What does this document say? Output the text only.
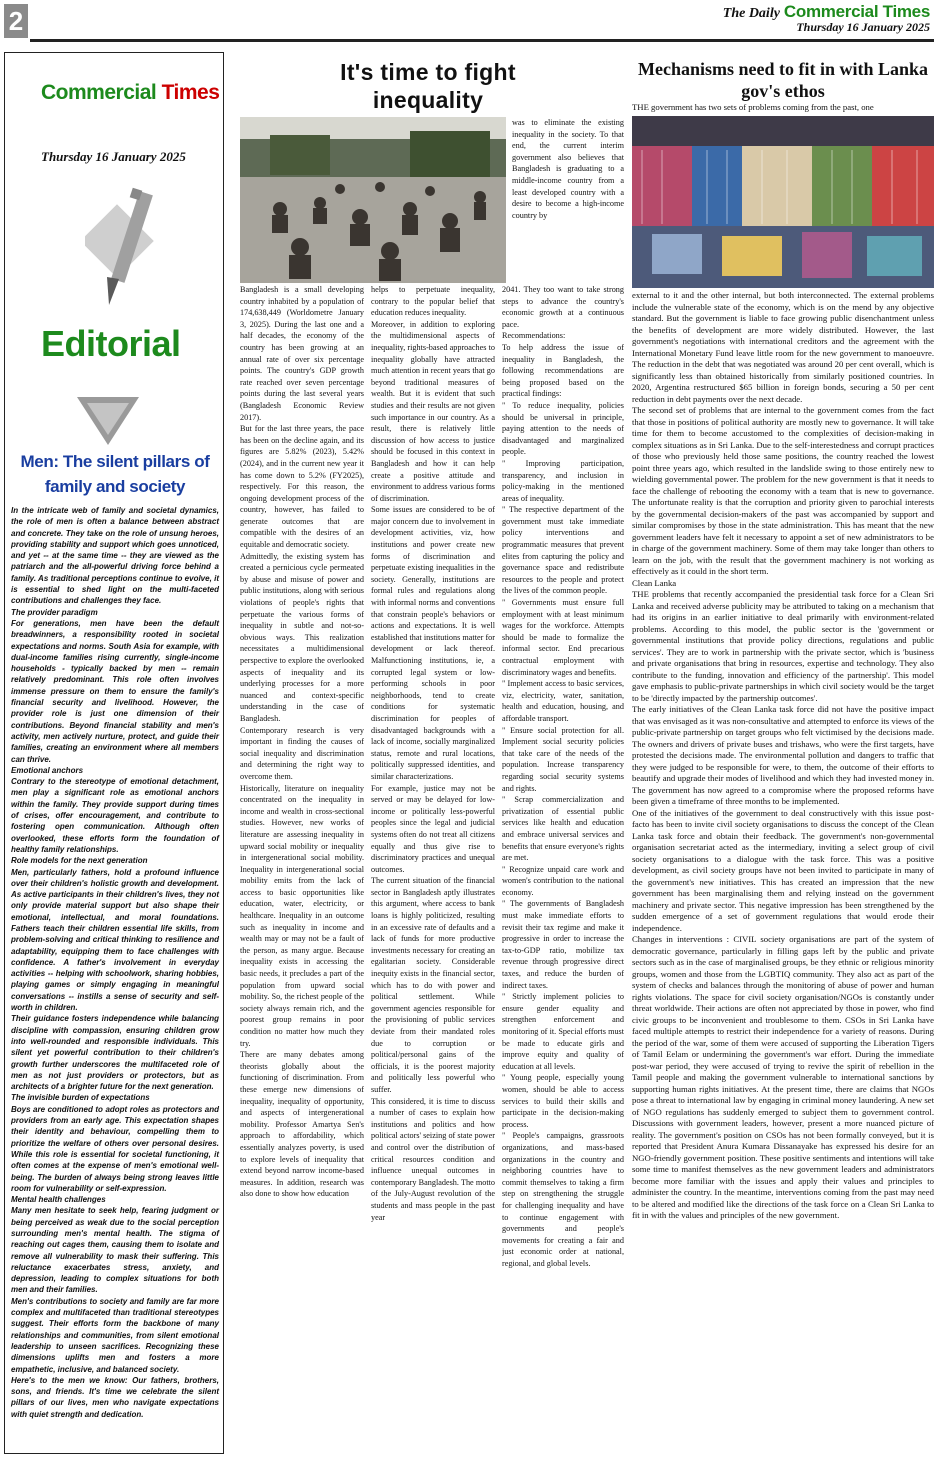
2	The Daily Commercial Times
Thursday 16 January 2025
Commercial Times
Thursday 16 January 2025
Editorial
Men: The silent pillars of family and society

In the intricate web of family and societal dynamics, the role of men is often a balance between abstract and concrete. They take on the role of unsung heroes, providing stability and support which goes unnoticed, and yet -- at the same time -- they are viewed as the patriarch and the all-powerful driving force behind a family. As traditional perceptions continue to evolve, it is essential to shed light on the multi-faceted contributions and challenges they face.

The provider paradigm

For generations, men have been the default breadwinners, a responsibility rooted in societal expectations and norms. South Asia for example, with dual-income families rising currently, single-income households - typically backed by men -- remain relatively predominant. This role often involves immense pressure on them to ensure the family's financial security and livelihood. However, the provider role is just one dimension of their contributions. Beyond financial stability and men's activity, men actively nurture, protect, and guide their families, creating an environment where all members can thrive.

Emotional anchors

Contrary to the stereotype of emotional detachment, men play a significant role as emotional anchors within the family. They provide support during times of crises, offer encouragement, and contribute to fostering open communication. Although often overlooked, these efforts form the foundation of healthy family relationships.

Role models for the next generation

Men, particularly fathers, hold a profound influence over their children's holistic growth and development. As active participants in their children's lives, they not only provide material support but also shape their emotional, intellectual, and moral foundations. Fathers teach their children essential life skills, from problem-solving and critical thinking to resilience and adaptability, equipping them to face challenges with confidence. A father's involvement in everyday activities -- helping with schoolwork, sharing hobbies, playing games or simply engaging in meaningful conversations -- instills a sense of security and self-worth in children.

Their guidance fosters independence while balancing discipline with compassion, ensuring children grow into well-rounded and responsible individuals. This silent yet powerful contribution to their children's growth further underscores the multifaceted role of men as not just providers or protectors, but as architects of a brighter future for the next generation.

The invisible burden of expectations

Boys are conditioned to adopt roles as protectors and providers from an early age. This expectation shapes their identity and behaviour, compelling them to prioritize the welfare of others over personal desires. While this role is essential for societal functioning, it often comes at the expense of men's emotional well-being. The burden of always being strong leaves little room for vulnerability or self-expression.

Mental health challenges

Many men hesitate to seek help, fearing judgment or being perceived as weak due to the social perception surrounding men's mental health. The stigma of reaching out cages them, causing them to isolate and remove all vulnerability to mask their suffering. This reluctance exacerbates stress, anxiety, and depression, leading to complex situations for both men and their families.

Men's contributions to society and family are far more complex and multifaceted than traditional stereotypes suggest. Their efforts form the backbone of many relationships and communities, from silent emotional leadership to unseen sacrifices. Recognizing these dimensions uplifts men and fosters a more empathetic, inclusive, and balanced society.

Here's to the men we know: Our fathers, brothers, sons, and friends. It's time we celebrate the silent pillars of our lives, men who navigate expectations with quiet strength and dedication.

It's time to fight inequality

was to eliminate the existing inequality in the society. To that end, the current interim government also believes that Bangladesh is graduating to a middle-income country from a least developed country with a desire to become a high-income country by

Bangladesh is a small developing country inhabited by a population of 174,638,449 (Worldometre January 3, 2025). During the last one and a half decades, the economy of the country has been growing at an annual rate of over six percentage points. The country's GDP growth rate reached over seven percentage points during the last several years (Bangladesh Economic Review 2017).

But for the last three years, the pace has been on the decline again, and its figures are 5.82% (2023), 5.42% (2024), and in the current new year it has come down to 5.2% (FY2025), respectively. For this reason, the ongoing development process of the country, however, has failed to generate outcomes that are compatible with the desires of an equitable and democratic society.

Admittedly, the existing system has created a pernicious cycle permeated by abuse and misuse of power and public institutions, along with serious violations of people's rights that perpetuate the various forms of inequality in subtle and not-so-obvious ways. This realization necessitates a multidimensional perspective to explore the overlooked aspects of inequality and its underlying processes for a more nuanced and context-specific understanding in the case of Bangladesh.

Contemporary research is very important in finding the causes of social inequality and discrimination and determining the right way to overcome them.

Historically, literature on inequality concentrated on the inequality in income and wealth in cross-sectional studies. However, new works of literature are assessing inequality in upward social mobility or inequality in intergenerational social mobility. Inequality in intergenerational social mobility emits from the lack of access to basic opportunities like education, water, electricity, or healthcare. Inequality in an outcome such as inequality in income and wealth may or may not be a fault of the person, as many argue. Because inequality exists in accessing the basic needs, it precludes a part of the population from upward social mobility. So, the richest people of the society always remain rich, and the poorest group remains in poor condition no matter how much they try.

There are many debates among theorists globally about the functioning of discrimination. From these emerge new dimensions of inequality, inequality of opportunity, and aspects of intergenerational mobility. Professor Amartya Sen's approach to affordability, which essentially analyzes poverty, is used to explore levels of inequality that extend beyond narrow income-based measures. In addition, research was also done to show how education

helps to perpetuate inequality, contrary to the popular belief that education reduces inequality.

Moreover, in addition to exploring the multidimensional aspects of inequality, rights-based approaches to inequality globally have attracted much attention in recent years that go beyond traditional measures of wealth. But it is evident that such studies and their results are not given such importance in our country. As a result, there is relatively little discussion of how access to justice should be focused in this context in Bangladesh and how it can help create a positive attitude and environment to address various forms of discrimination.

Some issues are considered to be of major concern due to involvement in development activities, viz, how institutions and power create new forms of discrimination and perpetuate existing inequalities in the society. Generally, institutions are formal rules and regulations along with informal norms and conventions that constrain people's behaviors or actions and expectations. It is well established that institutions matter for development or lack thereof. Malfunctioning institutions, ie, a corrupted legal system or low-performing schools in poor neighborhoods, tend to create conditions for systematic discrimination for peoples of disadvantaged backgrounds with a lack of income, socially marginalized status, remote and rural locations, politically suppressed identities, and similar characterizations.

For example, justice may not be served or may be delayed for low-income or politically less-powerful peoples since the legal and judicial systems often do not treat all citizens equally and thus give rise to discriminatory practices and unequal outcomes.

The current situation of the financial sector in Bangladesh aptly illustrates this argument, where access to bank loans is highly politicized, resulting in an excessive rate of defaults and a lack of funds for more productive investments necessary for creating an egalitarian society. Considerable inequity exists in the financial sector, which has to do with power and political settlement. While government agencies responsible for the provisioning of public services deviate from their mandated roles due to corruption or political/personal gains of the officials, it is the poorest majority and politically less powerful who suffer.

This considered, it is time to discuss a number of cases to explain how institutions and politics and how political actors' seizing of state power and control over the distribution of critical resources condition and influence unequal outcomes in contemporary Bangladesh. The motto of the July-August revolution of the students and mass people in the past year

2041. They too want to take strong steps to advance the country's economic growth at a continuous pace.

Recommendations:

To help address the issue of inequality in Bangladesh, the following recommendations are being proposed based on the practical findings:

" To reduce inequality, policies should be universal in principle, paying attention to the needs of disadvantaged and marginalized people.

" Improving participation, transparency, and inclusion in policy-making in the mentioned areas of inequality.

" The respective department of the government must take immediate policy interventions and programmatic measures that prevent elites from capturing the policy and governance space and redistribute resources to the people and protect the lives of the common people.

" Governments must ensure full employment with at least minimum wages for the workforce. Attempts should be made to formalize the informal sector. End precarious contractual employment with discriminatory wages and benefits.

" Implement access to basic services, viz, electricity, water, sanitation, health and education, housing, and affordable transport.

" Ensure social protection for all. Implement social security policies that take care of the needs of the population. Increase transparency regarding social security systems and rights.

" Scrap commercialization and privatization of essential public services like health and education and embrace universal services and benefits that ensure everyone's rights are met.

" Recognize unpaid care work and women's contribution to the national economy.

" The governments of Bangladesh must make immediate efforts to revisit their tax regime and make it progressive in order to increase the tax-to-GDP ratio, mobilize tax revenue through progressive direct taxes, and reduce the burden of indirect taxes.

" Strictly implement policies to ensure gender equality and strengthen enforcement and monitoring of it. Special efforts must be made to educate girls and improve equity and quality of education at all levels.

" Young people, especially young women, should be able to access services to build their skills and participate in the decision-making process.

" People's campaigns, grassroots organizations, and mass-based organizations in the country and neighboring countries have to commit themselves to taking a firm step on strengthening the struggle for challenging inequality and have to continue engagement with governments and people's movements for creating a fair and just economic order at national, regional, and global levels.

Mechanisms need to fit in with Lanka gov's ethos
THE government has two sets of problems coming from the past, one

external to it and the other internal, but both interconnected. The external problems include the vulnerable state of the economy, which is on the mend by any objective standard. But the government is liable to face growing public disenchantment unless the benefits of development are more widely distributed. However, the last government's negotiations with international creditors and the agreement with the International Monetary Fund leave little room for the new government to manoeuvre. The reduction in the debt that was negotiated was around 20 per cent overall, which is significantly less than obtained historically from similarly positioned countries. In 2020, Argentina restructured $65 billion in foreign bonds, securing a 50 per cent reduction in debt payments over the next decade.

The second set of problems that are internal to the government comes from the fact that those in positions of political authority are mostly new to governance. It will take time for them to become accustomed to the complexities of decision-making in complex situations as in Sri Lanka. Due to the self-interestedness and corrupt practices of those who previously held those same positions, the country reached the lowest point three years ago, which resulted in the landslide swing to those entirely new to wielding governmental power. The problem for the new government is that it needs to face the challenge of rebooting the economy with a team that is new to governance. The unfortunate reality is that the corruption and priority given to parochial interests by the governmental decision-makers of the past was accompanied by support and similar compromises by those in the state administration. This has meant that the new government leaders have felt it necessary to appoint a set of new administrators to be in charge of the government machinery. Some of them may take longer than others to learn on the job, with the result that the government machinery is not working as effectively as it could in the short term.

Clean Lanka

THE problems that recently accompanied the presidential task force for a Clean Sri Lanka and received adverse publicity may be attributed to taking on a mechanism that had its origins in an earlier initiative to deal primarily with environment-related problems. According to this model, the public sector is the 'government or governmental institutions that provide policy directions, regulations and public services'. They are to work in partnership with the private sector, which is 'business and private organisations that bring in resources, expertise and technology. They also contribute to the funding, innovation and efficiency of the partnership'. This model gave emphasis to public-private partnerships in which civil society would be the target to be 'directly impacted by the partnership outcomes'.

The early initiatives of the Clean Lanka task force did not have the positive impact that was envisaged as it was non-consultative and attempted to enforce its views of the public-private partnership on target groups who felt victimised by the decisions made. The owners and drivers of private buses and trishaws, who were the first targets, have protested the decisions made. The environmental pollution and dangers to traffic that they were judged to be responsible for were, to them, the outcome of their efforts to beautify and upgrade their modes of livelihood and which they had invested money in. The government has now agreed to a compromise where the proposed reforms have been given a timeframe of three months to be implemented.

One of the initiatives of the government to deal constructively with this issue post-facto has been to invite civil society organisations to discuss the concept of the Clean Lanka task force and obtain their feedback. The government's non-governmental organisation secretariat acted as the intermediary, inviting a select group of civil society organisations to a dialogue with the task force. This was a positive development, as civil society groups have not been invited to participate in many of the government's new initiatives. This has created an impression that the new government has been marginalising them and relying instead on the government machinery and private sector. This negative impression has been strengthened by the sudden emergence of a set of government regulations that would erode their independence.

Changes in interventions : CIVIL society organisations are part of the system of democratic governance, particularly in filling gaps left by the public and private sectors such as in the case of marginalised groups, be they ethnic or religious minority groups, women and those from the LGBTIQ community. They also act as part of the system of checks and balances through the monitoring of abuse of power and human rights violations. The space for civil society organisation/NGOs is constantly under threat worldwide. Their actions are often not appreciated by those in power, who find civic groups to be inconvenient and troublesome to them. CSOs in Sri Lanka have faced multiple attempts to restrict their independence for a variety of reasons. During the period of the war, some of them were accused of supporting the Liberation Tigers of Tamil Eelam or undermining the government's war effort. During the immediate post-war period, they were accused of trying to revive the spirit of rebellion in the Tamil people and making the government vulnerable to international sanctions by supporting human rights initiatives. At the present time, there are claims that NGOs pose a threat to international law by engaging in criminal money laundering. A new set of NGO regulations has suddenly emerged to subject them to government control. Discussions with government leaders, however, present a more nuanced picture of reality. The government's position on CSOs has not been formally conveyed, but it is reported that President Anura Kumara Dissanayake has expressed his desire for an NGO-friendly government position. These positive sentiments and intentions will take some time to manifest themselves as the new government leaders and administrators become more familiar with the issues and apply their values and principles to administer the country. In the meantime, interventions coming from the past may need to be altered and modified like the directions of the task force on a Clean Sri Lanka to fit in with the values and principles of the new government.
